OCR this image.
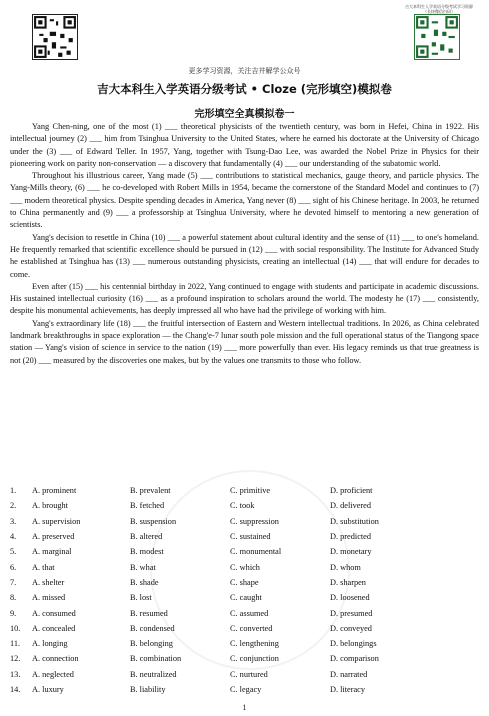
吉大本科生入学英语分级考试学习资源（长按微信扫码）
更多学习资源，关注吉井解学公众号
吉大本科生入学英语分级考试 • Cloze (完形填空)模拟卷
完形填空全真模拟卷一

Yang Chen-ning, one of the most (1) ___ theoretical physicists of the twentieth century, was born in Hefei, China in 1922. His intellectual journey (2) ___ him from Tsinghua University to the United States, where he earned his doctorate at the University of Chicago under the (3) ___ of Edward Teller. In 1957, Yang, together with Tsung-Dao Lee, was awarded the Nobel Prize in Physics for their pioneering work on parity non-conservation — a discovery that fundamentally (4) ___ our understanding of the subatomic world.

Throughout his illustrious career, Yang made (5) ___ contributions to statistical mechanics, gauge theory, and particle physics. The Yang-Mills theory, (6) ___ he co-developed with Robert Mills in 1954, became the cornerstone of the Standard Model and continues to (7) ___ modern theoretical physics. Despite spending decades in America, Yang never (8) ___ sight of his Chinese heritage. In 2003, he returned to China permanently and (9) ___ a professorship at Tsinghua University, where he devoted himself to mentoring a new generation of scientists.

Yang's decision to resettle in China (10) ___ a powerful statement about cultural identity and the sense of (11) ___ to one's homeland. He frequently remarked that scientific excellence should be pursued in (12) ___ with social responsibility. The Institute for Advanced Study he established at Tsinghua has (13) ___ numerous outstanding physicists, creating an intellectual (14) ___ that will endure for decades to come.

Even after (15) ___ his centennial birthday in 2022, Yang continued to engage with students and participate in academic discussions. His sustained intellectual curiosity (16) ___ as a profound inspiration to scholars around the world. The modesty he (17) ___ consistently, despite his monumental achievements, has deeply impressed all who have had the privilege of working with him.

Yang's extraordinary life (18) ___ the fruitful intersection of Eastern and Western intellectual traditions. In 2026, as China celebrated landmark breakthroughs in space exploration — the Chang'e-7 lunar south pole mission and the full operational status of the Tiangong space station — Yang's vision of science in service to the nation (19) ___ more powerfully than ever. His legacy reminds us that true greatness is not (20) ___ measured by the discoveries one makes, but by the values one transmits to those who follow.

1.	A. prominent	B. prevalent	C. primitive	D. proficient
2.	A. brought	B. fetched	C. took	D. delivered
3.	A. supervision	B. suspension	C. suppression	D. substitution
4.	A. preserved	B. altered	C. sustained	D. predicted
5.	A. marginal	B. modest	C. monumental	D. monetary
6.	A. that	B. what	C. which	D. whom
7.	A. shelter	B. shade	C. shape	D. sharpen
8.	A. missed	B. lost	C. caught	D. loosened
9.	A. consumed	B. resumed	C. assumed	D. presumed
10.	A. concealed	B. condensed	C. converted	D. conveyed
11.	A. longing	B. belonging	C. lengthening	D. belongings
12.	A. connection	B. combination	C. conjunction	D. comparison
13.	A. neglected	B. neutralized	C. nurtured	D. narrated
14.	A. luxury	B. liability	C. legacy	D. literacy
1
